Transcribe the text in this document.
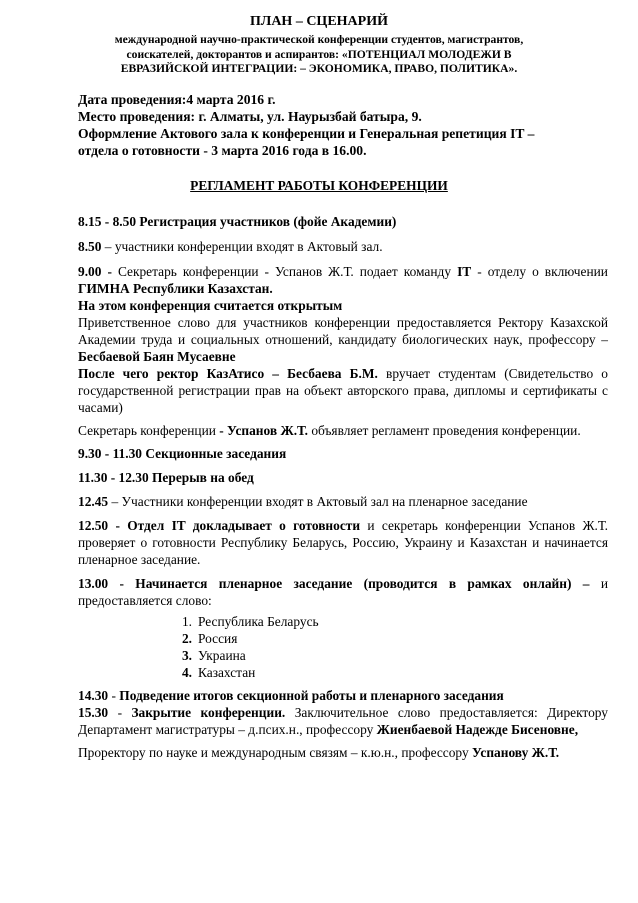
ПЛАН – СЦЕНАРИЙ
международной научно-практической конференции студентов, магистрантов,
соискателей, докторантов и аспирантов: «ПОТЕНЦИАЛ МОЛОДЕЖИ В
ЕВРАЗИЙСКОЙ ИНТЕГРАЦИИ: – ЭКОНОМИКА, ПРАВО, ПОЛИТИКА».
Дата проведения:4 марта 2016 г.
Место проведения: г. Алматы, ул. Наурызбай батыра, 9.
Оформление Актового зала к конференции и Генеральная репетиция IT –
отдела о готовности - 3 марта 2016 года в 16.00.
РЕГЛАМЕНТ РАБОТЫ КОНФЕРЕНЦИИ
8.15 - 8.50 Регистрация участников (фойе Академии)
8.50 – участники конференции входят в Актовый зал.
9.00 - Секретарь конференции - Успанов Ж.Т. подает команду IT - отделу о включении ГИМНА Республики Казахстан.
На этом конференция считается открытым
Приветственное слово для участников конференции предоставляется Ректору Казахской Академии труда и социальных отношений, кандидату биологических наук, профессору – Бесбаевой Баян Мусаевне
После чего ректор КазАтисо – Бесбаева Б.М. вручает студентам (Свидетельство о государственной регистрации прав на объект авторского права, дипломы и сертификаты с часами)
Секретарь конференции - Успанов Ж.Т. объявляет регламент проведения конференции.
9.30 - 11.30 Секционные заседания
11.30 - 12.30 Перерыв на обед
12.45 – Участники конференции входят в Актовый зал на пленарное заседание
12.50 - Отдел IT докладывает о готовности и секретарь конференции Успанов Ж.Т. проверяет о готовности Республику Беларусь, Россию, Украину и Казахстан и начинается пленарное заседание.
13.00 - Начинается пленарное заседание (проводится в рамках онлайн) – и предоставляется слово:
1. Республика Беларусь
2. Россия
3. Украина
4. Казахстан
14.30 - Подведение итогов секционной работы и пленарного заседания
15.30 - Закрытие конференции. Заключительное слово предоставляется: Директору Департамент магистратуры – д.псих.н., профессору Жиенбаевой Надежде Бисеновне,
Проректору по науке и международным связям – к.ю.н., профессору Успанову Ж.Т.
